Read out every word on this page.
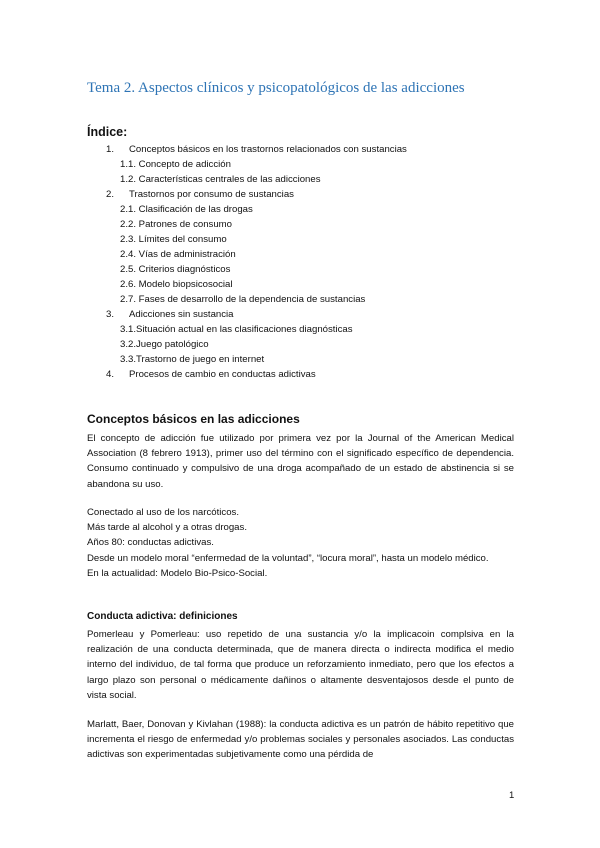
Tema 2. Aspectos clínicos y psicopatológicos de las adicciones
Índice:
1. Conceptos básicos en los trastornos relacionados con sustancias
1.1. Concepto de adicción
1.2. Características centrales de las adicciones
2. Trastornos por consumo de sustancias
2.1. Clasificación de las drogas
2.2. Patrones de consumo
2.3. Límites del consumo
2.4. Vías de administración
2.5. Criterios diagnósticos
2.6. Modelo biopsicosocial
2.7. Fases de desarrollo de la dependencia de sustancias
3. Adicciones sin sustancia
3.1.Situación actual en las clasificaciones diagnósticas
3.2.Juego patológico
3.3.Trastorno de juego en internet
4. Procesos de cambio en conductas adictivas
Conceptos básicos en las adicciones

El concepto de adicción fue utilizado por primera vez por la Journal of the American Medical Association (8 febrero 1913), primer uso del término con el significado específico de dependencia. Consumo continuado y compulsivo de una droga acompañado de un estado de abstinencia si se abandona su uso.

Conectado al uso de los narcóticos.
Más tarde al alcohol y a otras drogas.
Años 80: conductas adictivas.
Desde un modelo moral “enfermedad de la voluntad”, “locura moral”, hasta un modelo médico.
En la actualidad: Modelo Bio-Psico-Social.
Conducta adictiva: definiciones

Pomerleau y Pomerleau: uso repetido de una sustancia y/o la implicacoin complsiva en la realización de una conducta determinada, que de manera directa o indirecta modifica el medio interno del individuo, de tal forma que produce un reforzamiento inmediato, pero que los efectos a largo plazo son personal o médicamente dañinos o altamente desventajosos desde el punto de vista social.

Marlatt, Baer, Donovan y Kivlahan (1988): la conducta adictiva es un patrón de hábito repetitivo que incrementa el riesgo de enfermedad y/o problemas sociales y personales asociados. Las conductas adictivas son experimentadas subjetivamente como una pérdida de

1
